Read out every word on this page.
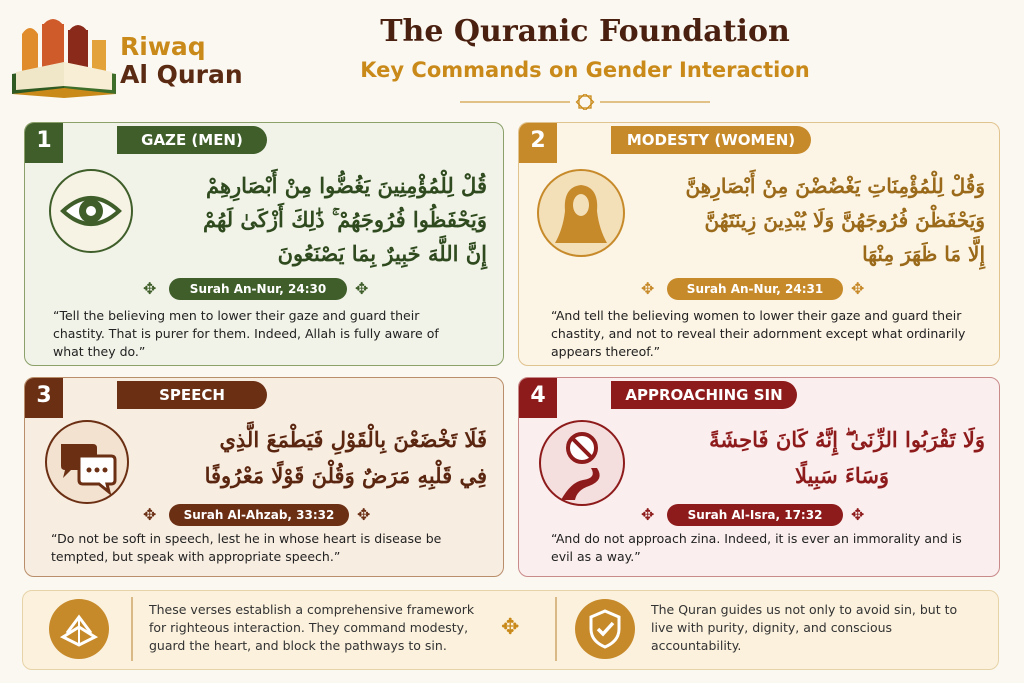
Riwaq
Al Quran
The Quranic Foundation
Key Commands on Gender Interaction
1	GAZE (MEN)
قُلْ لِلْمُؤْمِنِينَ يَغُضُّوا مِنْ أَبْصَارِهِمْ
وَيَحْفَظُوا فُرُوجَهُمْ ۚ ذَٰلِكَ أَزْكَىٰ لَهُمْ
إِنَّ اللَّهَ خَبِيرٌ بِمَا يَصْنَعُونَ
✥	Surah An-Nur, 24:30	✥
“Tell the believing men to lower their gaze and guard their chastity. That is purer for them. Indeed, Allah is fully aware of what they do.”
2	MODESTY (WOMEN)
وَقُلْ لِلْمُؤْمِنَاتِ يَغْضُضْنَ مِنْ أَبْصَارِهِنَّ
وَيَحْفَظْنَ فُرُوجَهُنَّ وَلَا يُبْدِينَ زِينَتَهُنَّ
إِلَّا مَا ظَهَرَ مِنْهَا
✥	Surah An-Nur, 24:31	✥
“And tell the believing women to lower their gaze and guard their chastity, and not to reveal their adornment except what ordinarily appears thereof.”
3	SPEECH
فَلَا تَخْضَعْنَ بِالْقَوْلِ فَيَطْمَعَ الَّذِي
فِي قَلْبِهِ مَرَضٌ وَقُلْنَ قَوْلًا مَعْرُوفًا
✥	Surah Al-Ahzab, 33:32	✥
“Do not be soft in speech, lest he in whose heart is disease be tempted, but speak with appropriate speech.”
4	APPROACHING SIN
وَلَا تَقْرَبُوا الزِّنَىٰ ۖ إِنَّهُ كَانَ فَاحِشَةً
وَسَاءَ سَبِيلًا
✥	Surah Al-Isra, 17:32	✥
“And do not approach zina. Indeed, it is ever an immorality and is evil as a way.”
These verses establish a comprehensive framework for righteous interaction. They command modesty, guard the heart, and block the pathways to sin.
✥
The Quran guides us not only to avoid sin, but to live with purity, dignity, and conscious accountability.
